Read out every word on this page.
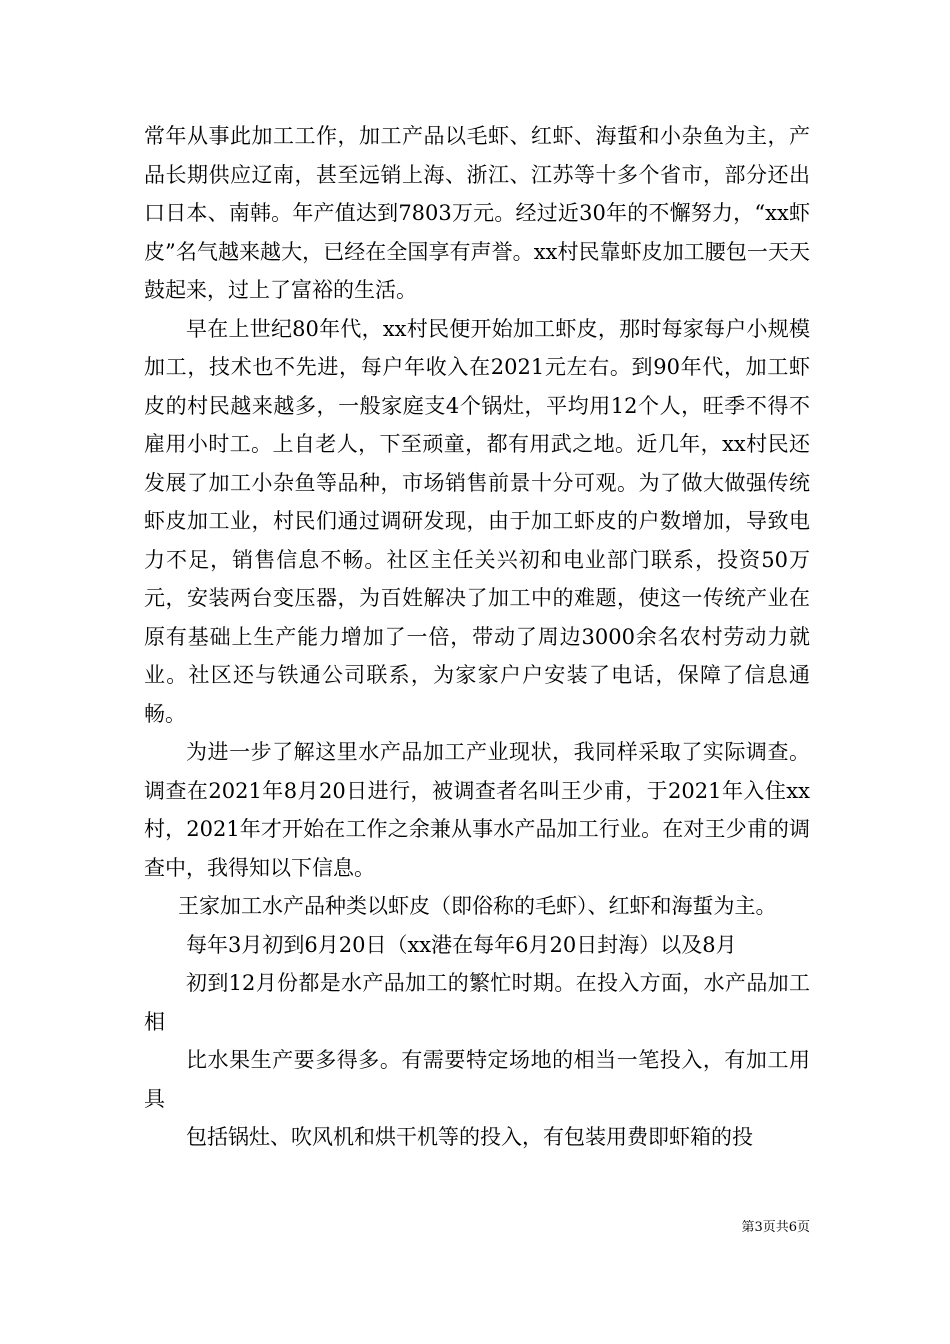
常年从事此加工工作，加工产品以毛虾、红虾、海蜇和小杂鱼为主，产品长期供应辽南，甚至远销上海、浙江、江苏等十多个省市，部分还出口日本、南韩。年产值达到7803万元。经过近30年的不懈努力，“xx虾皮”名气越来越大，已经在全国享有声誉。xx村民靠虾皮加工腰包一天天鼓起来，过上了富裕的生活。

早在上世纪80年代，xx村民便开始加工虾皮，那时每家每户小规模加工，技术也不先进，每户年收入在2021元左右。到90年代，加工虾皮的村民越来越多，一般家庭支4个锅灶，平均用12个人，旺季不得不雇用小时工。上自老人，下至顽童，都有用武之地。近几年，xx村民还发展了加工小杂鱼等品种，市场销售前景十分可观。为了做大做强传统虾皮加工业，村民们通过调研发现，由于加工虾皮的户数增加，导致电力不足，销售信息不畅。社区主任关兴初和电业部门联系，投资50万元，安装两台变压器，为百姓解决了加工中的难题，使这一传统产业在原有基础上生产能力增加了一倍，带动了周边3000余名农村劳动力就业。社区还与铁通公司联系，为家家户户安装了电话，保障了信息通畅。

为进一步了解这里水产品加工产业现状，我同样采取了实际调查。调查在2021年8月20日进行，被调查者名叫王少甫，于2021年入住xx村，2021年才开始在工作之余兼从事水产品加工行业。在对王少甫的调查中，我得知以下信息。

王家加工水产品种类以虾皮（即俗称的毛虾）、红虾和海蜇为主。

每年3月初到6月20日（xx港在每年6月20日封海）以及8月

初到12月份都是水产品加工的繁忙时期。在投入方面，水产品加工相

比水果生产要多得多。有需要特定场地的相当一笔投入，有加工用具

包括锅灶、吹风机和烘干机等的投入，有包装用费即虾箱的投

第3页共6页
